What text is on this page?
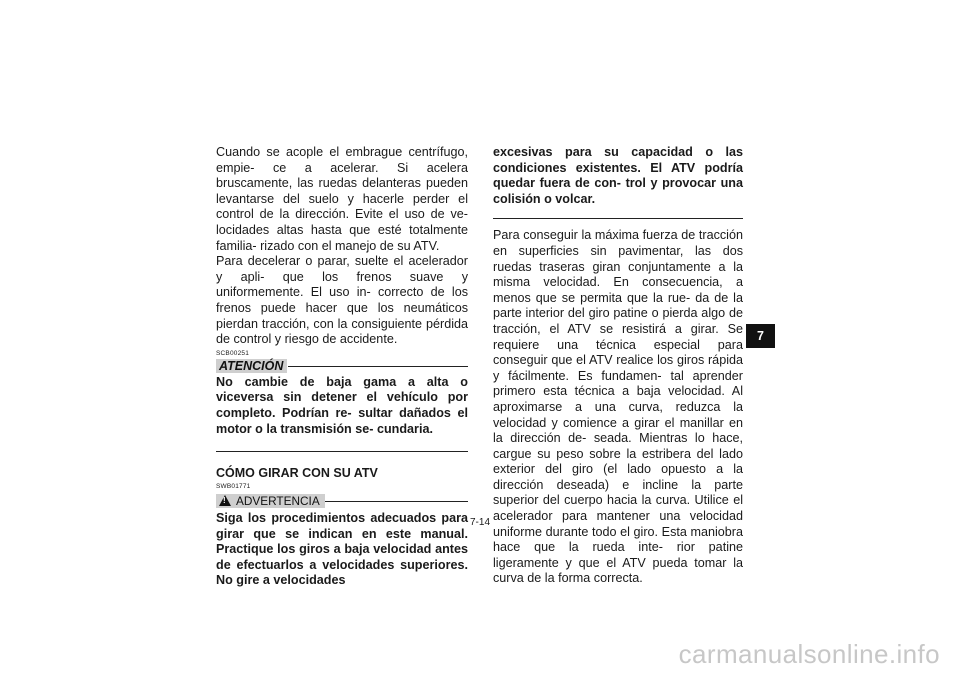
Cuando se acople el embrague centrífugo, empie- ce a acelerar. Si acelera bruscamente, las ruedas delanteras pueden levantarse del suelo y hacerle perder el control de la dirección. Evite el uso de ve- locidades altas hasta que esté totalmente familia- rizado con el manejo de su ATV.

Para decelerar o parar, suelte el acelerador y apli- que los frenos suave y uniformemente. El uso in- correcto de los frenos puede hacer que los neumáticos pierdan tracción, con la consiguiente pérdida de control y riesgo de accidente.

SCB00251
ATENCIÓN

No cambie de baja gama a alta o viceversa sin detener el vehículo por completo. Podrían re- sultar dañados el motor o la transmisión se- cundaria.

CÓMO GIRAR CON SU ATV
SWB01771
!
ADVERTENCIA

Siga los procedimientos adecuados para girar que se indican en este manual. Practique los giros a baja velocidad antes de efectuarlos a velocidades superiores. No gire a velocidades

excesivas para su capacidad o las condiciones existentes. El ATV podría quedar fuera de con- trol y provocar una colisión o volcar.

Para conseguir la máxima fuerza de tracción en superficies sin pavimentar, las dos ruedas traseras giran conjuntamente a la misma velocidad. En consecuencia, a menos que se permita que la rue- da de la parte interior del giro patine o pierda algo de tracción, el ATV se resistirá a girar. Se requiere una técnica especial para conseguir que el ATV realice los giros rápida y fácilmente. Es fundamen- tal aprender primero esta técnica a baja velocidad. Al aproximarse a una curva, reduzca la velocidad y comience a girar el manillar en la dirección de- seada. Mientras lo hace, cargue su peso sobre la estribera del lado exterior del giro (el lado opuesto a la dirección deseada) e incline la parte superior del cuerpo hacia la curva. Utilice el acelerador para mantener una velocidad uniforme durante todo el giro. Esta maniobra hace que la rueda inte- rior patine ligeramente y que el ATV pueda tomar la curva de la forma correcta.

7
7-14
carmanualsonline.info
